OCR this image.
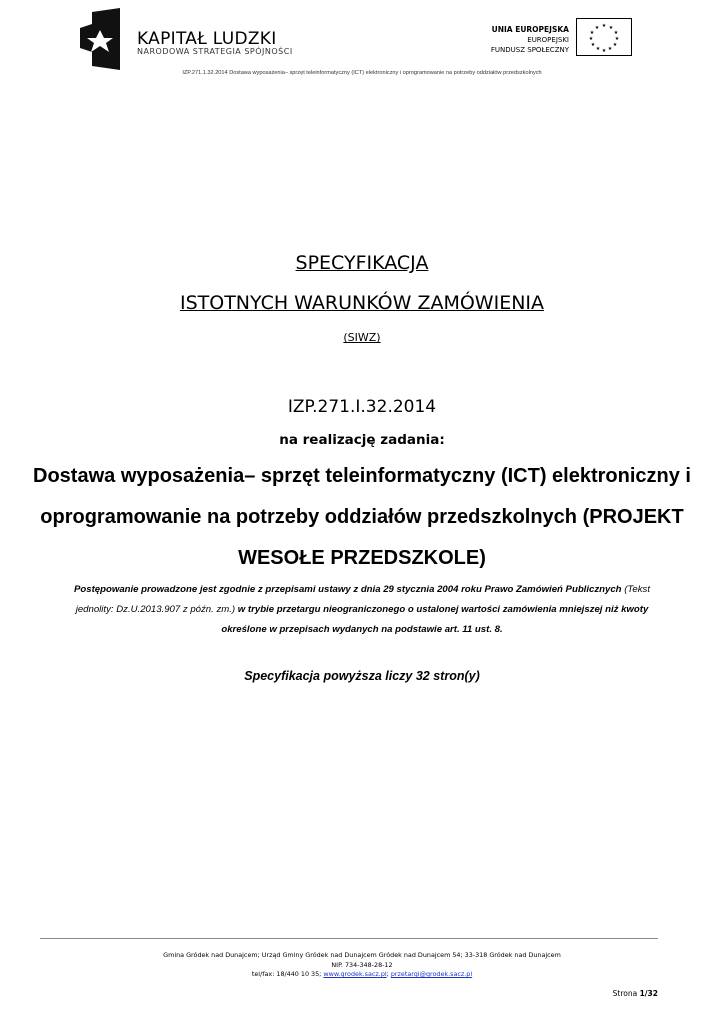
KAPITAŁ LUDZKI
NARODOWA STRATEGIA SPÓJNOŚCI
UNIA EUROPEJSKA
EUROPEJSKI
FUNDUSZ SPOŁECZNY
★ ★
★
★
★
★
★
★
★
★
★
★
IZP.271.1.32.2014 Dostawa wyposażenia– sprzęt teleinformatyczny (ICT) elektroniczny i oprogramowanie na potrzeby oddziałów przedszkolnych
SPECYFIKACJA
ISTOTNYCH WARUNKÓW ZAMÓWIENIA
(SIWZ)
IZP.271.I.32.2014
na realizację zadania:
Dostawa wyposażenia– sprzęt teleinformatyczny (ICT) elektroniczny i oprogramowanie na potrzeby oddziałów przedszkolnych (PROJEKT WESOŁE PRZEDSZKOLE)
Postępowanie prowadzone jest zgodnie z przepisami ustawy z dnia 29 stycznia 2004 roku Prawo Zamówień Publicznych (Tekst jednolity: Dz.U.2013.907 z późn. zm.) w trybie przetargu nieograniczonego o ustalonej wartości zamówienia mniejszej niż kwoty określone w przepisach wydanych na podstawie art. 11 ust. 8.
Specyfikacja powyższa liczy 32 stron(y)
Gmina Gródek nad Dunajcem; Urząd Gminy Gródek nad Dunajcem Gródek nad Dunajcem 54; 33-318 Gródek nad Dunajcem
NIP. 734-348-28-12
tel/fax: 18/440 10 35; www.grodek.sacz.pl; przetargi@grodek.sacz.pl
Strona 1/32
